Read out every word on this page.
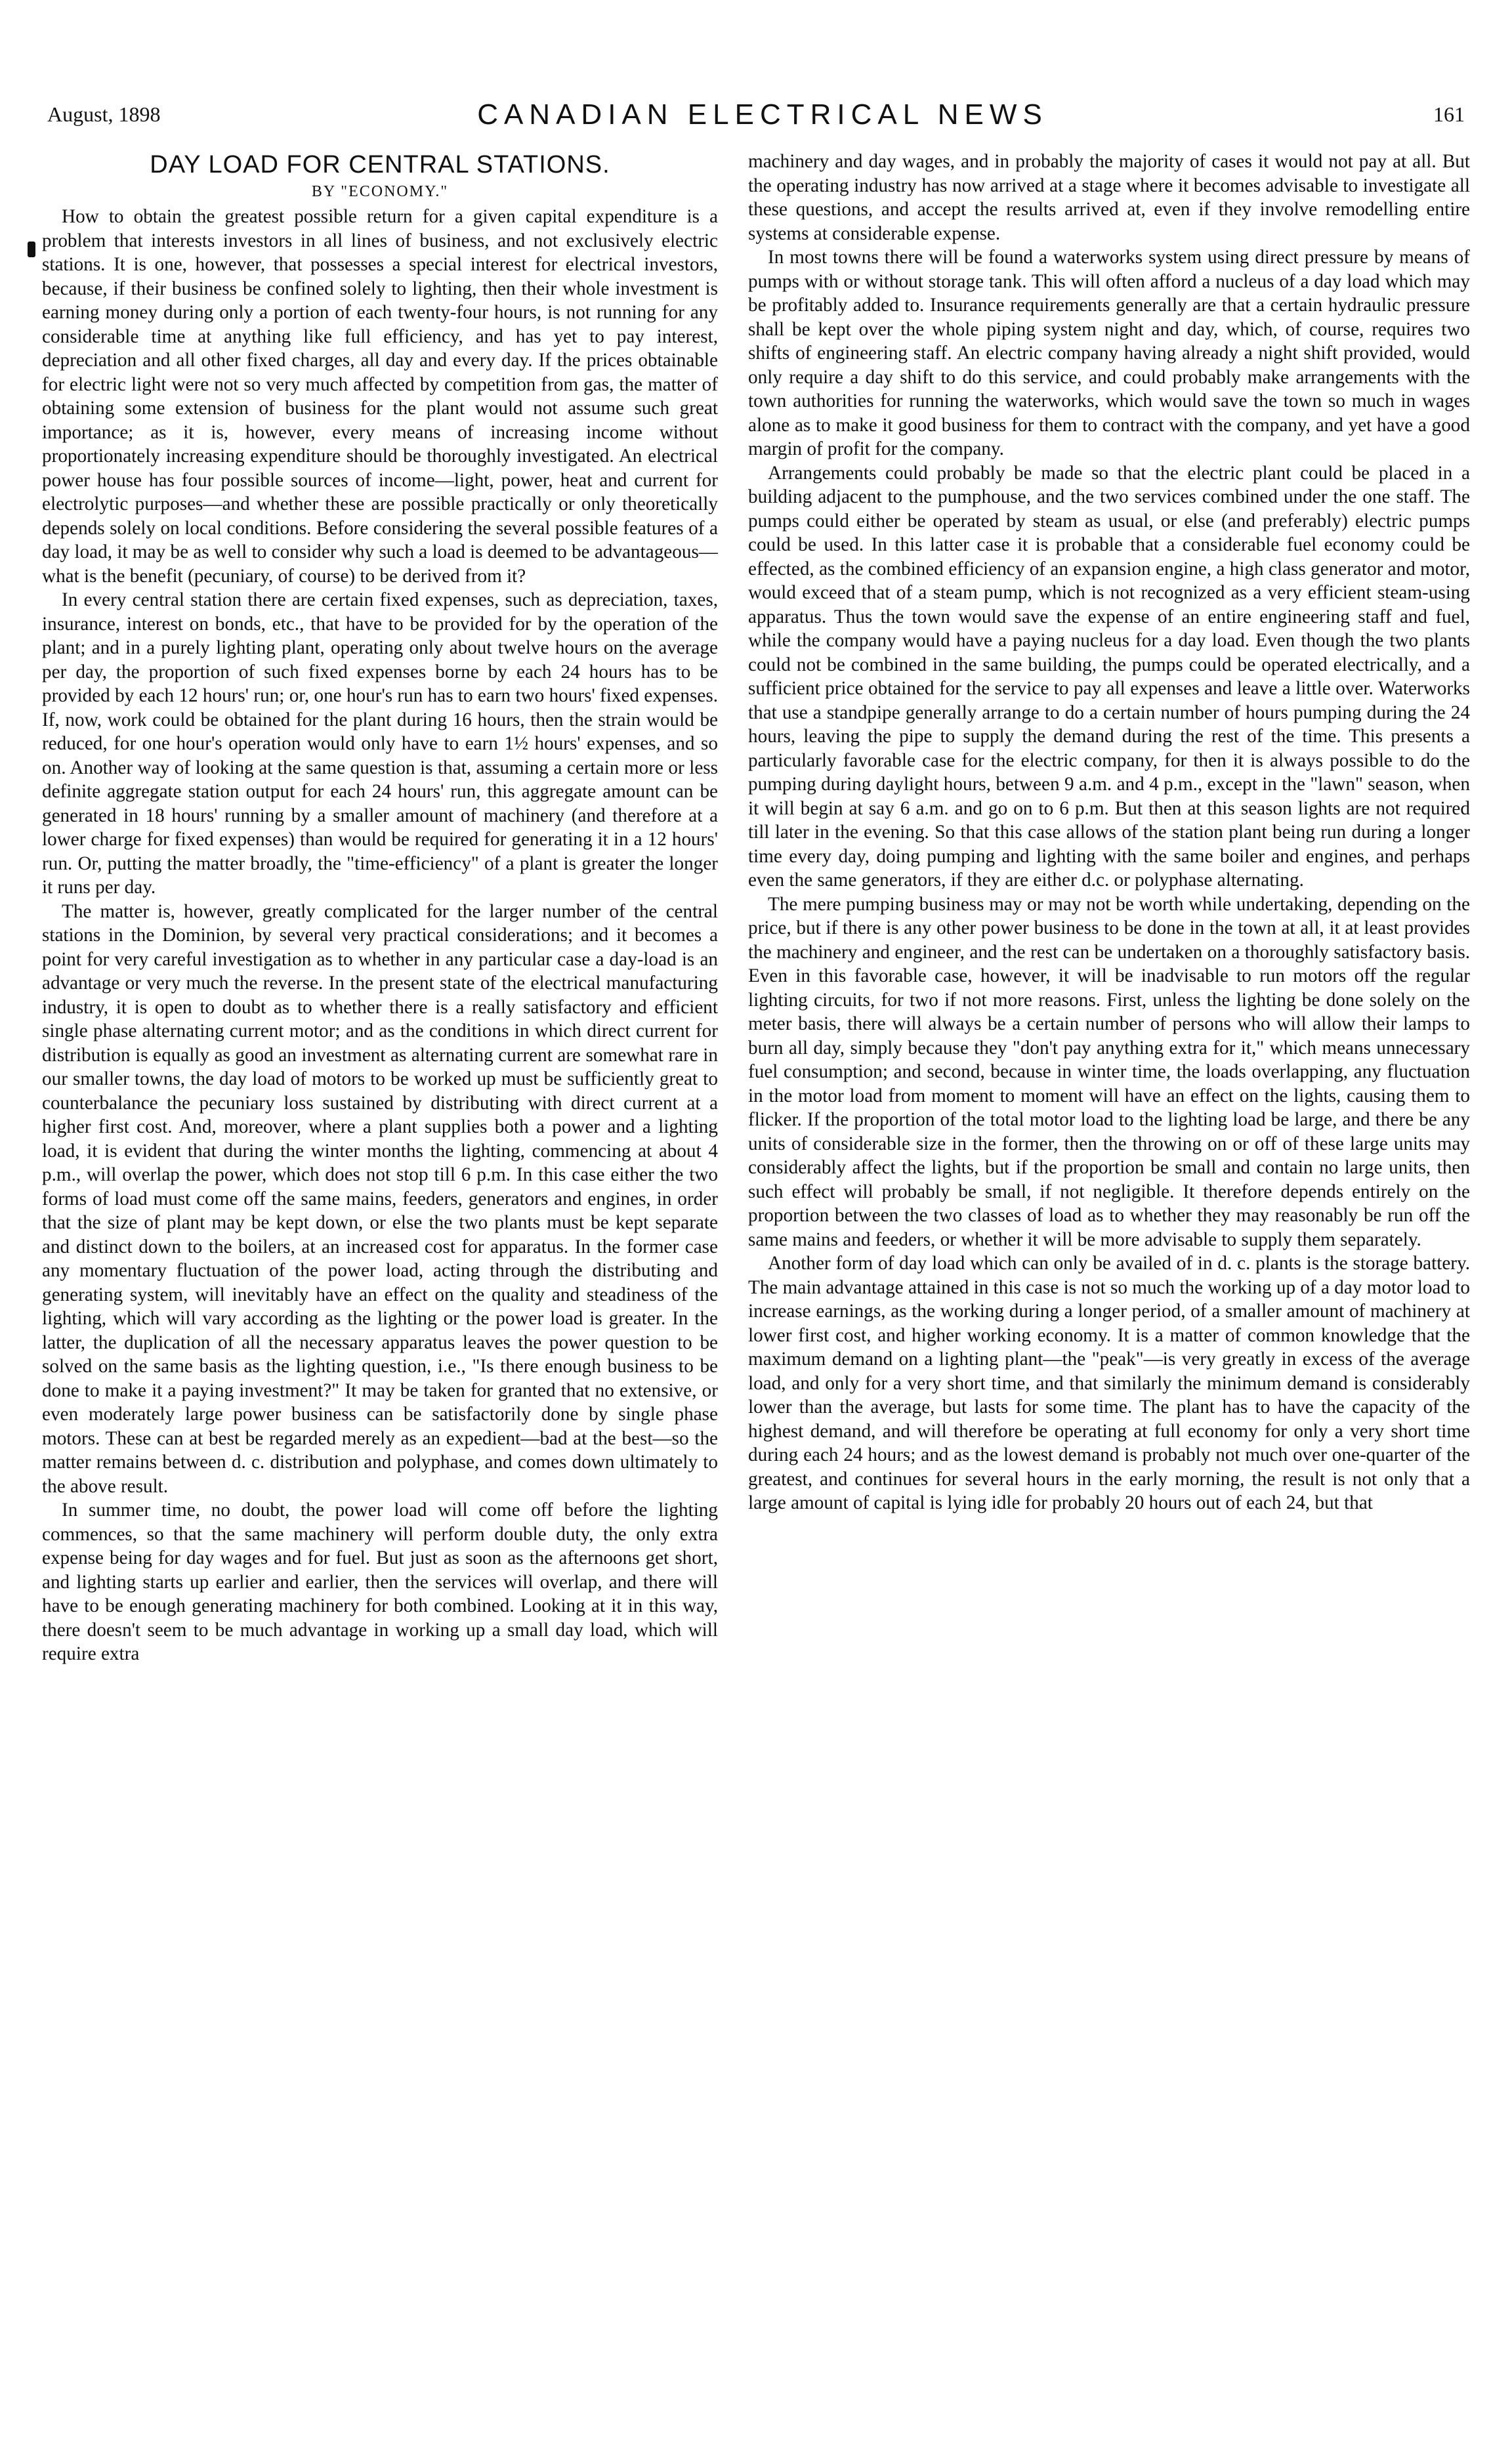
August, 1898	CANADIAN ELECTRICAL NEWS	161
DAY LOAD FOR CENTRAL STATIONS.
BY "ECONOMY."

How to obtain the greatest possible return for a given capital expenditure is a problem that interests investors in all lines of business, and not exclusively electric stations. It is one, however, that possesses a special interest for electrical investors, because, if their business be confined solely to lighting, then their whole investment is earning money during only a portion of each twenty-four hours, is not running for any considerable time at anything like full efficiency, and has yet to pay interest, depreciation and all other fixed charges, all day and every day. If the prices obtainable for electric light were not so very much affected by competition from gas, the matter of obtaining some extension of business for the plant would not assume such great importance; as it is, however, every means of increasing income without proportionately increasing expenditure should be thoroughly investigated. An electrical power house has four possible sources of income—light, power, heat and current for electrolytic purposes—and whether these are possible practically or only theoretically depends solely on local conditions. Before considering the several possible features of a day load, it may be as well to consider why such a load is deemed to be advantageous—what is the benefit (pecuniary, of course) to be derived from it?

In every central station there are certain fixed expenses, such as depreciation, taxes, insurance, interest on bonds, etc., that have to be provided for by the operation of the plant; and in a purely lighting plant, operating only about twelve hours on the average per day, the proportion of such fixed expenses borne by each 24 hours has to be provided by each 12 hours' run; or, one hour's run has to earn two hours' fixed expenses. If, now, work could be obtained for the plant during 16 hours, then the strain would be reduced, for one hour's operation would only have to earn 1½ hours' expenses, and so on. Another way of looking at the same question is that, assuming a certain more or less definite aggregate station output for each 24 hours' run, this aggregate amount can be generated in 18 hours' running by a smaller amount of machinery (and therefore at a lower charge for fixed expenses) than would be required for generating it in a 12 hours' run. Or, putting the matter broadly, the "time-efficiency" of a plant is greater the longer it runs per day.

The matter is, however, greatly complicated for the larger number of the central stations in the Dominion, by several very practical considerations; and it becomes a point for very careful investigation as to whether in any particular case a day-load is an advantage or very much the reverse. In the present state of the electrical manufacturing industry, it is open to doubt as to whether there is a really satisfactory and efficient single phase alternating current motor; and as the conditions in which direct current for distribution is equally as good an investment as alternating current are somewhat rare in our smaller towns, the day load of motors to be worked up must be sufficiently great to counterbalance the pecuniary loss sustained by distributing with direct current at a higher first cost. And, moreover, where a plant supplies both a power and a lighting load, it is evident that during the winter months the lighting, commencing at about 4 p.m., will overlap the power, which does not stop till 6 p.m. In this case either the two forms of load must come off the same mains, feeders, generators and engines, in order that the size of plant may be kept down, or else the two plants must be kept separate and distinct down to the boilers, at an increased cost for apparatus. In the former case any momentary fluctuation of the power load, acting through the distributing and generating system, will inevitably have an effect on the quality and steadiness of the lighting, which will vary according as the lighting or the power load is greater. In the latter, the duplication of all the necessary apparatus leaves the power question to be solved on the same basis as the lighting question, i.e., "Is there enough business to be done to make it a paying investment?" It may be taken for granted that no extensive, or even moderately large power business can be satisfactorily done by single phase motors. These can at best be regarded merely as an expedient—bad at the best—so the matter remains between d. c. distribution and polyphase, and comes down ultimately to the above result.

In summer time, no doubt, the power load will come off before the lighting commences, so that the same machinery will perform double duty, the only extra expense being for day wages and for fuel. But just as soon as the afternoons get short, and lighting starts up earlier and earlier, then the services will overlap, and there will have to be enough generating machinery for both combined. Looking at it in this way, there doesn't seem to be much advantage in working up a small day load, which will require extra

machinery and day wages, and in probably the majority of cases it would not pay at all. But the operating industry has now arrived at a stage where it becomes advisable to investigate all these questions, and accept the results arrived at, even if they involve remodelling entire systems at considerable expense.

In most towns there will be found a waterworks system using direct pressure by means of pumps with or without storage tank. This will often afford a nucleus of a day load which may be profitably added to. Insurance requirements generally are that a certain hydraulic pressure shall be kept over the whole piping system night and day, which, of course, requires two shifts of engineering staff. An electric company having already a night shift provided, would only require a day shift to do this service, and could probably make arrangements with the town authorities for running the waterworks, which would save the town so much in wages alone as to make it good business for them to contract with the company, and yet have a good margin of profit for the company.

Arrangements could probably be made so that the electric plant could be placed in a building adjacent to the pumphouse, and the two services combined under the one staff. The pumps could either be operated by steam as usual, or else (and preferably) electric pumps could be used. In this latter case it is probable that a considerable fuel economy could be effected, as the combined efficiency of an expansion engine, a high class generator and motor, would exceed that of a steam pump, which is not recognized as a very efficient steam-using apparatus. Thus the town would save the expense of an entire engineering staff and fuel, while the company would have a paying nucleus for a day load. Even though the two plants could not be combined in the same building, the pumps could be operated electrically, and a sufficient price obtained for the service to pay all expenses and leave a little over. Waterworks that use a standpipe generally arrange to do a certain number of hours pumping during the 24 hours, leaving the pipe to supply the demand during the rest of the time. This presents a particularly favorable case for the electric company, for then it is always possible to do the pumping during daylight hours, between 9 a.m. and 4 p.m., except in the "lawn" season, when it will begin at say 6 a.m. and go on to 6 p.m. But then at this season lights are not required till later in the evening. So that this case allows of the station plant being run during a longer time every day, doing pumping and lighting with the same boiler and engines, and perhaps even the same generators, if they are either d.c. or polyphase alternating.

The mere pumping business may or may not be worth while undertaking, depending on the price, but if there is any other power business to be done in the town at all, it at least provides the machinery and engineer, and the rest can be undertaken on a thoroughly satisfactory basis. Even in this favorable case, however, it will be inadvisable to run motors off the regular lighting circuits, for two if not more reasons. First, unless the lighting be done solely on the meter basis, there will always be a certain number of persons who will allow their lamps to burn all day, simply because they "don't pay anything extra for it," which means unnecessary fuel consumption; and second, because in winter time, the loads overlapping, any fluctuation in the motor load from moment to moment will have an effect on the lights, causing them to flicker. If the proportion of the total motor load to the lighting load be large, and there be any units of considerable size in the former, then the throwing on or off of these large units may considerably affect the lights, but if the proportion be small and contain no large units, then such effect will probably be small, if not negligible. It therefore depends entirely on the proportion between the two classes of load as to whether they may reasonably be run off the same mains and feeders, or whether it will be more advisable to supply them separately.

Another form of day load which can only be availed of in d. c. plants is the storage battery. The main advantage attained in this case is not so much the working up of a day motor load to increase earnings, as the working during a longer period, of a smaller amount of machinery at lower first cost, and higher working economy. It is a matter of common knowledge that the maximum demand on a lighting plant—the "peak"—is very greatly in excess of the average load, and only for a very short time, and that similarly the minimum demand is considerably lower than the average, but lasts for some time. The plant has to have the capacity of the highest demand, and will therefore be operating at full economy for only a very short time during each 24 hours; and as the lowest demand is probably not much over one-quarter of the greatest, and continues for several hours in the early morning, the result is not only that a large amount of capital is lying idle for probably 20 hours out of each 24, but that
